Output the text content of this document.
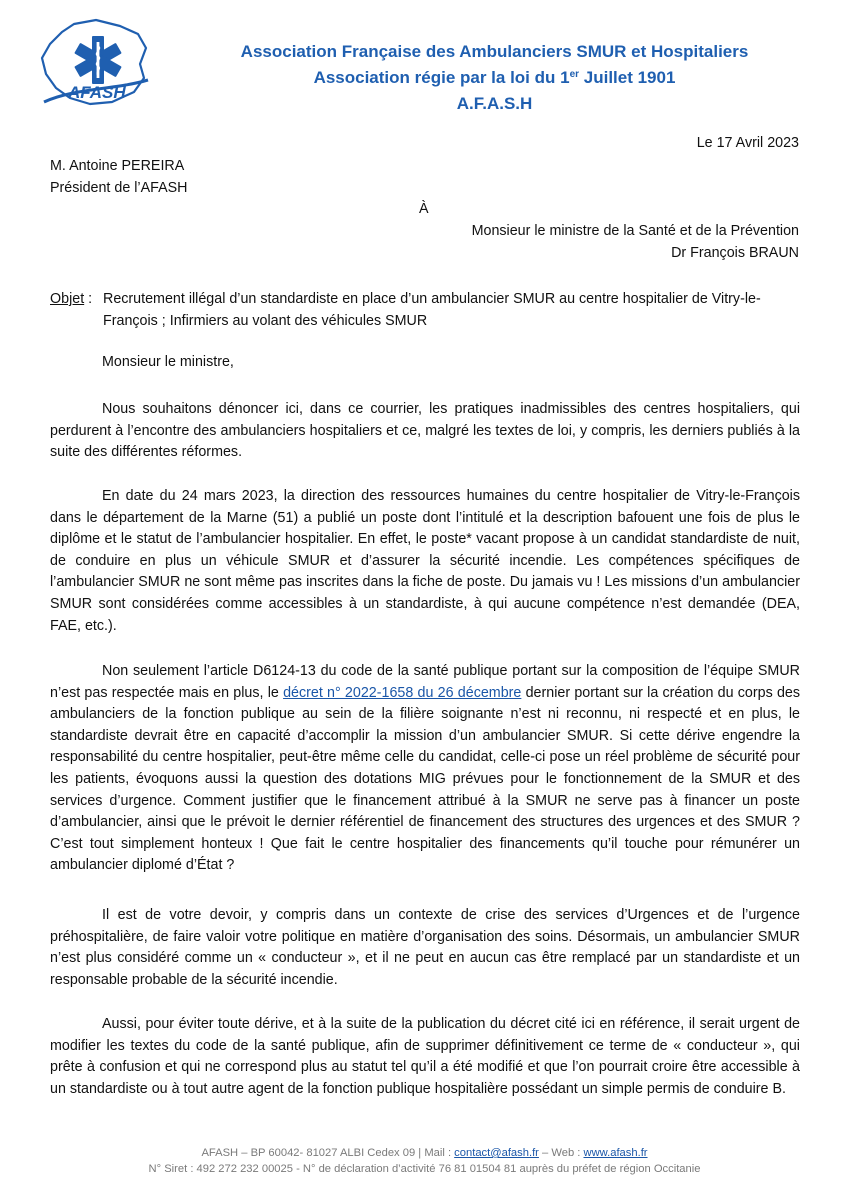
AFASH
Association Française des Ambulanciers SMUR et Hospitaliers
Association régie par la loi du 1er Juillet 1901
A.F.A.S.H
Le 17 Avril 2023
M. Antoine PEREIRA
Président de l’AFASH
À
Monsieur le ministre de la Santé et de la Prévention
Dr François BRAUN
Objet : Recrutement illégal d’un standardiste en place d’un ambulancier SMUR au centre hospitalier de Vitry-le-François ; Infirmiers au volant des véhicules SMUR
Monsieur le ministre,
Nous souhaitons dénoncer ici, dans ce courrier, les pratiques inadmissibles des centres hospitaliers, qui perdurent à l’encontre des ambulanciers hospitaliers et ce, malgré les textes de loi, y compris, les derniers publiés à la suite des différentes réformes.
En date du 24 mars 2023, la direction des ressources humaines du centre hospitalier de Vitry-le-François dans le département de la Marne (51) a publié un poste dont l’intitulé et la description bafouent une fois de plus le diplôme et le statut de l’ambulancier hospitalier. En effet, le poste* vacant propose à un candidat standardiste de nuit, de conduire en plus un véhicule SMUR et d’assurer la sécurité incendie. Les compétences spécifiques de l’ambulancier SMUR ne sont même pas inscrites dans la fiche de poste. Du jamais vu ! Les missions d’un ambulancier SMUR sont considérées comme accessibles à un standardiste, à qui aucune compétence n’est demandée (DEA, FAE, etc.).
Non seulement l’article D6124-13 du code de la santé publique portant sur la composition de l’équipe SMUR n’est pas respectée mais en plus, le décret n° 2022-1658 du 26 décembre dernier portant sur la création du corps des ambulanciers de la fonction publique au sein de la filière soignante n’est ni reconnu, ni respecté et en plus, le standardiste devrait être en capacité d’accomplir la mission d’un ambulancier SMUR. Si cette dérive engendre la responsabilité du centre hospitalier, peut-être même celle du candidat, celle-ci pose un réel problème de sécurité pour les patients, évoquons aussi la question des dotations MIG prévues pour le fonctionnement de la SMUR et des services d’urgence. Comment justifier que le financement attribué à la SMUR ne serve pas à financer un poste d’ambulancier, ainsi que le prévoit le dernier référentiel de financement des structures des urgences et des SMUR ? C’est tout simplement honteux ! Que fait le centre hospitalier des financements qu’il touche pour rémunérer un ambulancier diplomé d’État ?
Il est de votre devoir, y compris dans un contexte de crise des services d’Urgences et de l’urgence préhospitalière, de faire valoir votre politique en matière d’organisation des soins. Désormais, un ambulancier SMUR n’est plus considéré comme un « conducteur », et il ne peut en aucun cas être remplacé par un standardiste et un responsable probable de la sécurité incendie.
Aussi, pour éviter toute dérive, et à la suite de la publication du décret cité ici en référence, il serait urgent de modifier les textes du code de la santé publique, afin de supprimer définitivement ce terme de « conducteur », qui prête à confusion et qui ne correspond plus au statut tel qu’il a été modifié et que l’on pourrait croire être accessible à un standardiste ou à tout autre agent de la fonction publique hospitalière possédant un simple permis de conduire B.
AFASH – BP 60042- 81027 ALBI Cedex 09 | Mail : contact@afash.fr – Web : www.afash.fr
N° Siret : 492 272 232 00025 - N° de déclaration d’activité 76 81 01504 81 auprès du préfet de région Occitanie
